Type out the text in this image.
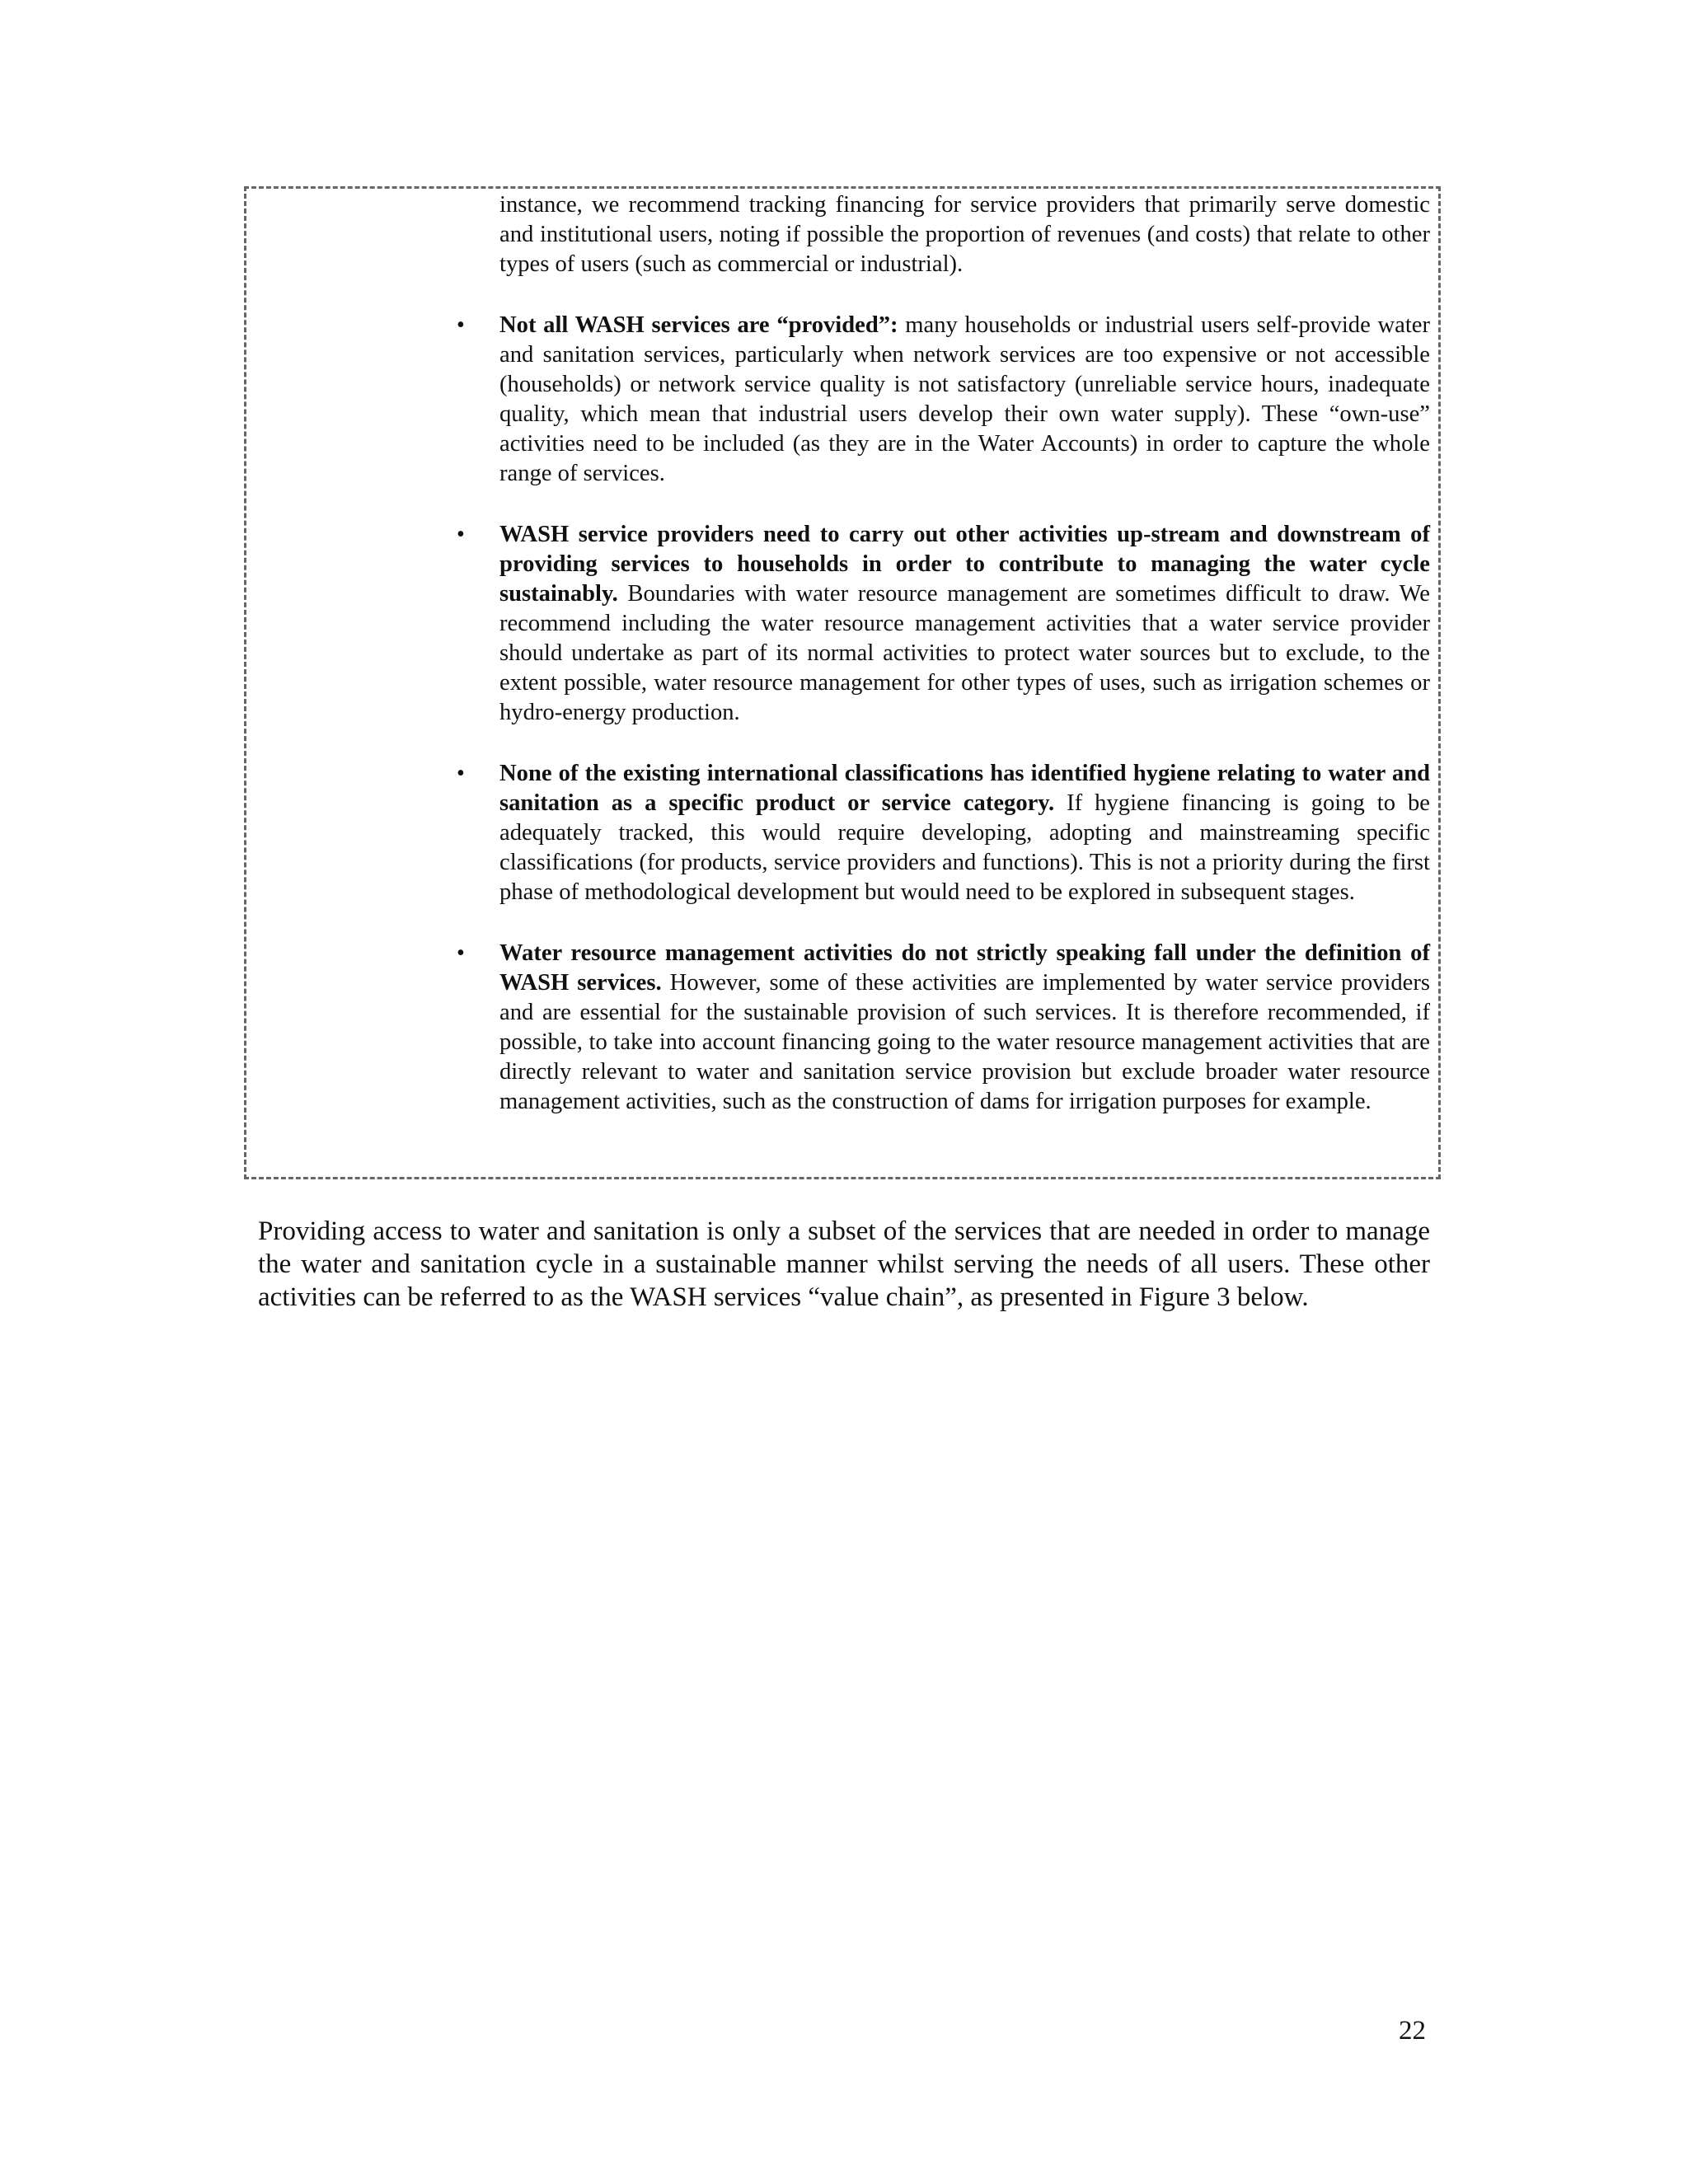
instance, we recommend tracking financing for service providers that primarily serve domestic and institutional users, noting if possible the proportion of revenues (and costs) that relate to other types of users (such as commercial or industrial).

• Not all WASH services are “provided”: many households or industrial users self-provide water and sanitation services, particularly when network services are too expensive or not accessible (households) or network service quality is not satisfactory (unreliable service hours, inadequate quality, which mean that industrial users develop their own water supply). These “own-use” activities need to be included (as they are in the Water Accounts) in order to capture the whole range of services.
• WASH service providers need to carry out other activities up-stream and downstream of providing services to households in order to contribute to managing the water cycle sustainably. Boundaries with water resource management are sometimes difficult to draw. We recommend including the water resource management activities that a water service provider should undertake as part of its normal activities to protect water sources but to exclude, to the extent possible, water resource management for other types of uses, such as irrigation schemes or hydro-energy production.
• None of the existing international classifications has identified hygiene relating to water and sanitation as a specific product or service category. If hygiene financing is going to be adequately tracked, this would require developing, adopting and mainstreaming specific classifications (for products, service providers and functions). This is not a priority during the first phase of methodological development but would need to be explored in subsequent stages.
• Water resource management activities do not strictly speaking fall under the definition of WASH services. However, some of these activities are implemented by water service providers and are essential for the sustainable provision of such services. It is therefore recommended, if possible, to take into account financing going to the water resource management activities that are directly relevant to water and sanitation service provision but exclude broader water resource management activities, such as the construction of dams for irrigation purposes for example.

Providing access to water and sanitation is only a subset of the services that are needed in order to manage the water and sanitation cycle in a sustainable manner whilst serving the needs of all users. These other activities can be referred to as the WASH services “value chain”, as presented in Figure 3 below.

22
